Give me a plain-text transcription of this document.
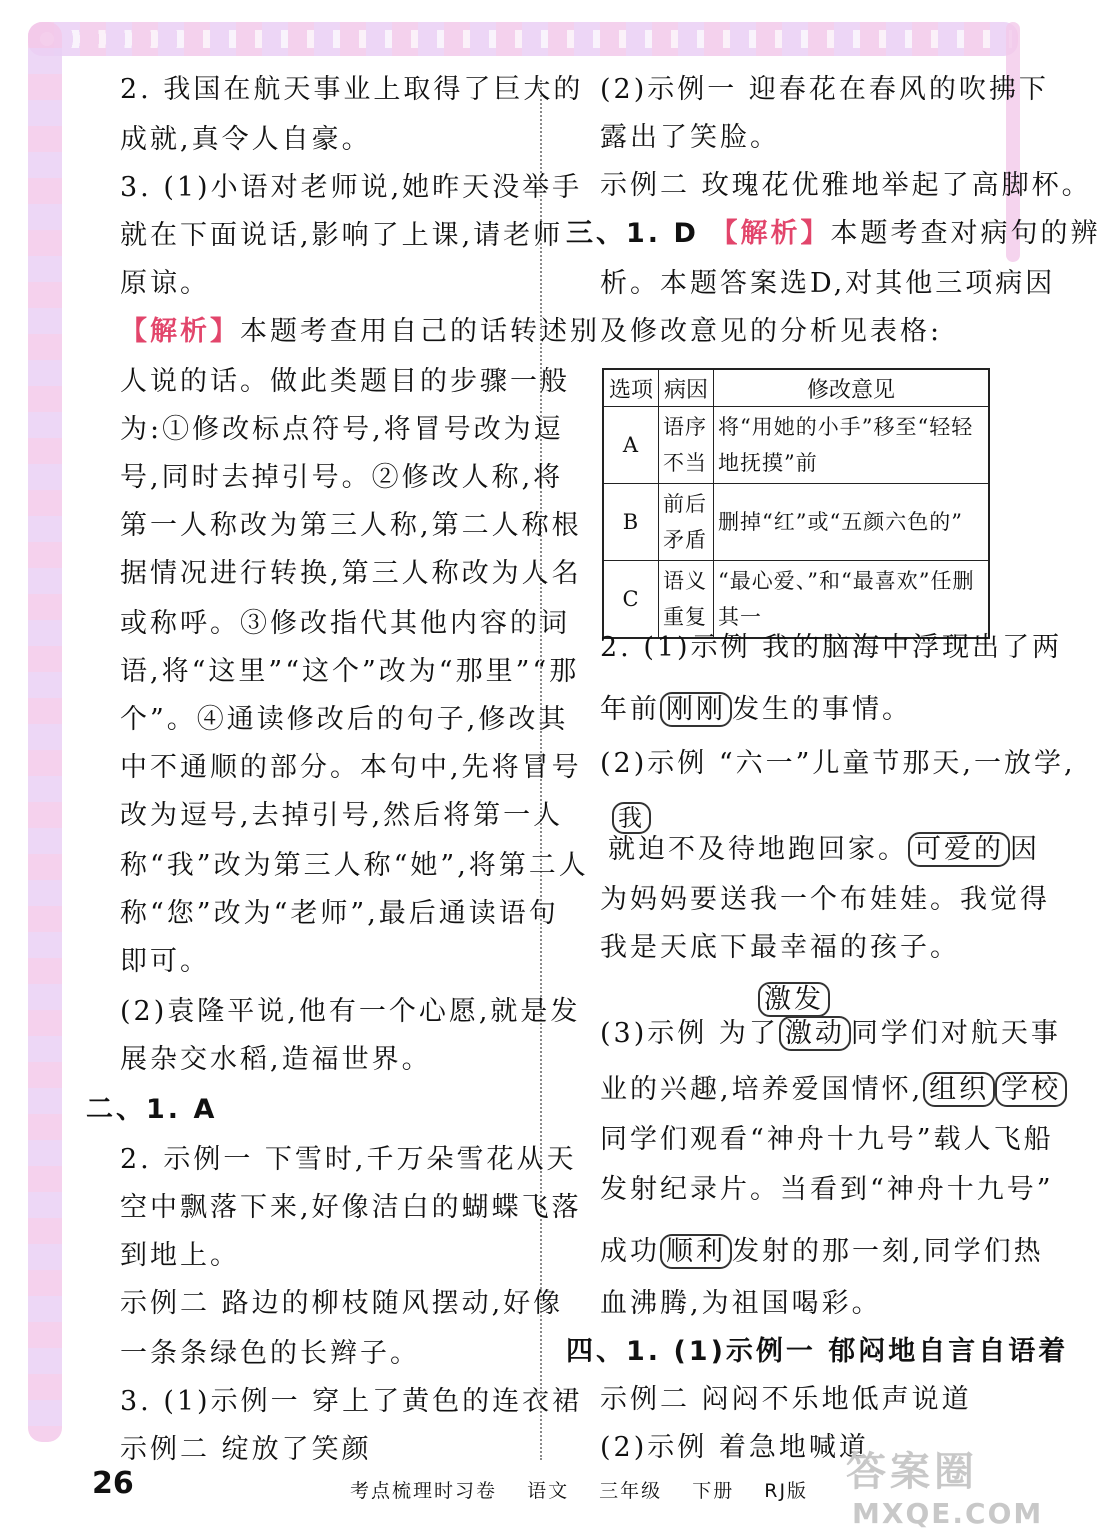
2. 我国在航天事业上取得了巨大的
成就,真令人自豪。
3. (1)小语对老师说,她昨天没举手
就在下面说话,影响了上课,请老师
原谅。
【解析】本题考查用自己的话转述别
人说的话。做此类题目的步骤一般
为:①修改标点符号,将冒号改为逗
号,同时去掉引号。②修改人称,将
第一人称改为第三人称,第二人称根
据情况进行转换,第三人称改为人名
或称呼。③修改指代其他内容的词
语,将“这里”“这个”改为“那里”“那
个”。④通读修改后的句子,修改其
中不通顺的部分。本句中,先将冒号
改为逗号,去掉引号,然后将第一人
称“我”改为第三人称“她”,将第二人
称“您”改为“老师”,最后通读语句
即可。
(2)袁隆平说,他有一个心愿,就是发
展杂交水稻,造福世界。
二、1. A
2. 示例一 下雪时,千万朵雪花从天
空中飘落下来,好像洁白的蝴蝶飞落
到地上。
示例二 路边的柳枝随风摆动,好像
一条条绿色的长辫子。
3. (1)示例一 穿上了黄色的连衣裙
示例二 绽放了笑颜
(2)示例一 迎春花在春风的吹拂下
露出了笑脸。
示例二 玫瑰花优雅地举起了高脚杯。
三、1. D 【解析】本题考查对病句的辨
析。本题答案选D,对其他三项病因
及修改意见的分析见表格:
选项	病因	修改意见
A	语序不当	将“用她的小手”移至“轻轻地抚摸”前
B	前后矛盾	删掉“红”或“五颜六色的”
C	语义重复	“最心爱、”和“最喜欢”任删其一
2. (1)示例 我的脑海中浮现出了两
年前 刚刚 发生的事情。
(2)示例 “六一”儿童节那天,一放学,
我
就迫不及待地跑回家。 可爱的 因
为妈妈要送我一个布娃娃。我觉得
我是天底下最幸福的孩子。
激发
(3)示例 为了 激动 同学们对航天事
业的兴趣,培养爱国情怀, 组织 学校
同学们观看“神舟十九号”载人飞船
发射纪录片。当看到“神舟十九号”
成功 顺利 发射的那一刻,同学们热
血沸腾,为祖国喝彩。
四、1. (1)示例一 郁闷地自言自语着
示例二 闷闷不乐地低声说道
(2)示例 着急地喊道
26	考点梳理时习卷 语文 三年级 下册 RJ版 答案圈
MXQE.COM
